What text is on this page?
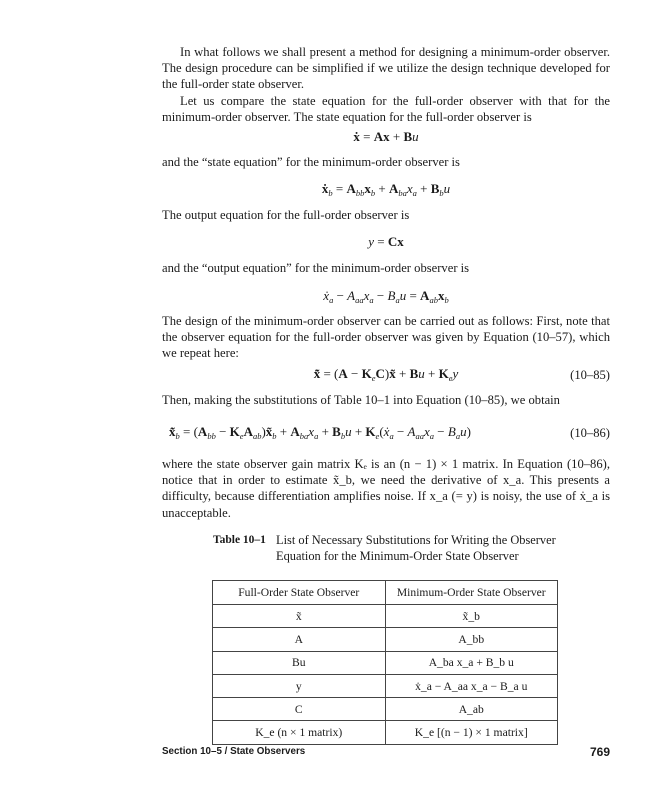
In what follows we shall present a method for designing a minimum-order observer. The design procedure can be simplified if we utilize the design technique developed for the full-order state observer.

Let us compare the state equation for the full-order observer with that for the minimum-order observer. The state equation for the full-order observer is

ẋ = Ax + Bu

and the “state equation” for the minimum-order observer is

$ẋ_b = A_{bb}x_b + A_{ba}x_a + B_bu$

The output equation for the full-order observer is

y = Cx

and the “output equation” for the minimum-order observer is

$ẋ_a - A_{aa}x_a - B_au = A_{ab}x_b$

The design of the minimum-order observer can be carried out as follows: First, note that the observer equation for the full-order observer was given by Equation (10–57), which we repeat here:

x̃̇ = $(A - K_eC)x̃ + Bu + K_ey$	(10–85)

Then, making the substitutions of Table 10–1 into Equation (10–85), we obtain

$x̃̇_b = (A_{bb}$ − $K_eA_{ab})x̃_b + A_{ba}x_a + B_bu$ + $K_e(ẋ_a - A_{aa}x_a - B_au)$	(10–86)

where the state observer gain matrix Kₑ is an (n − 1) × 1 matrix. In Equation (10–86), notice that in order to estimate x̃_b, we need the derivative of x_a. This presents a difficulty, because differentiation amplifies noise. If x_a (= y) is noisy, the use of ẋ_a is unacceptable.

Table 10–1 List of Necessary Substitutions for Writing the Observer Equation for the Minimum-Order State Observer
Full-Order State Observer	Minimum-Order State Observer
x̃	x̃_b
A	A_bb
Bu	A_ba x_a + B_b u
y	ẋ_a − A_aa x_a − B_a u
C	A_ab
K_e (n × 1 matrix)	K_e [(n − 1) × 1 matrix]
Section 10–5 / State Observers	769
